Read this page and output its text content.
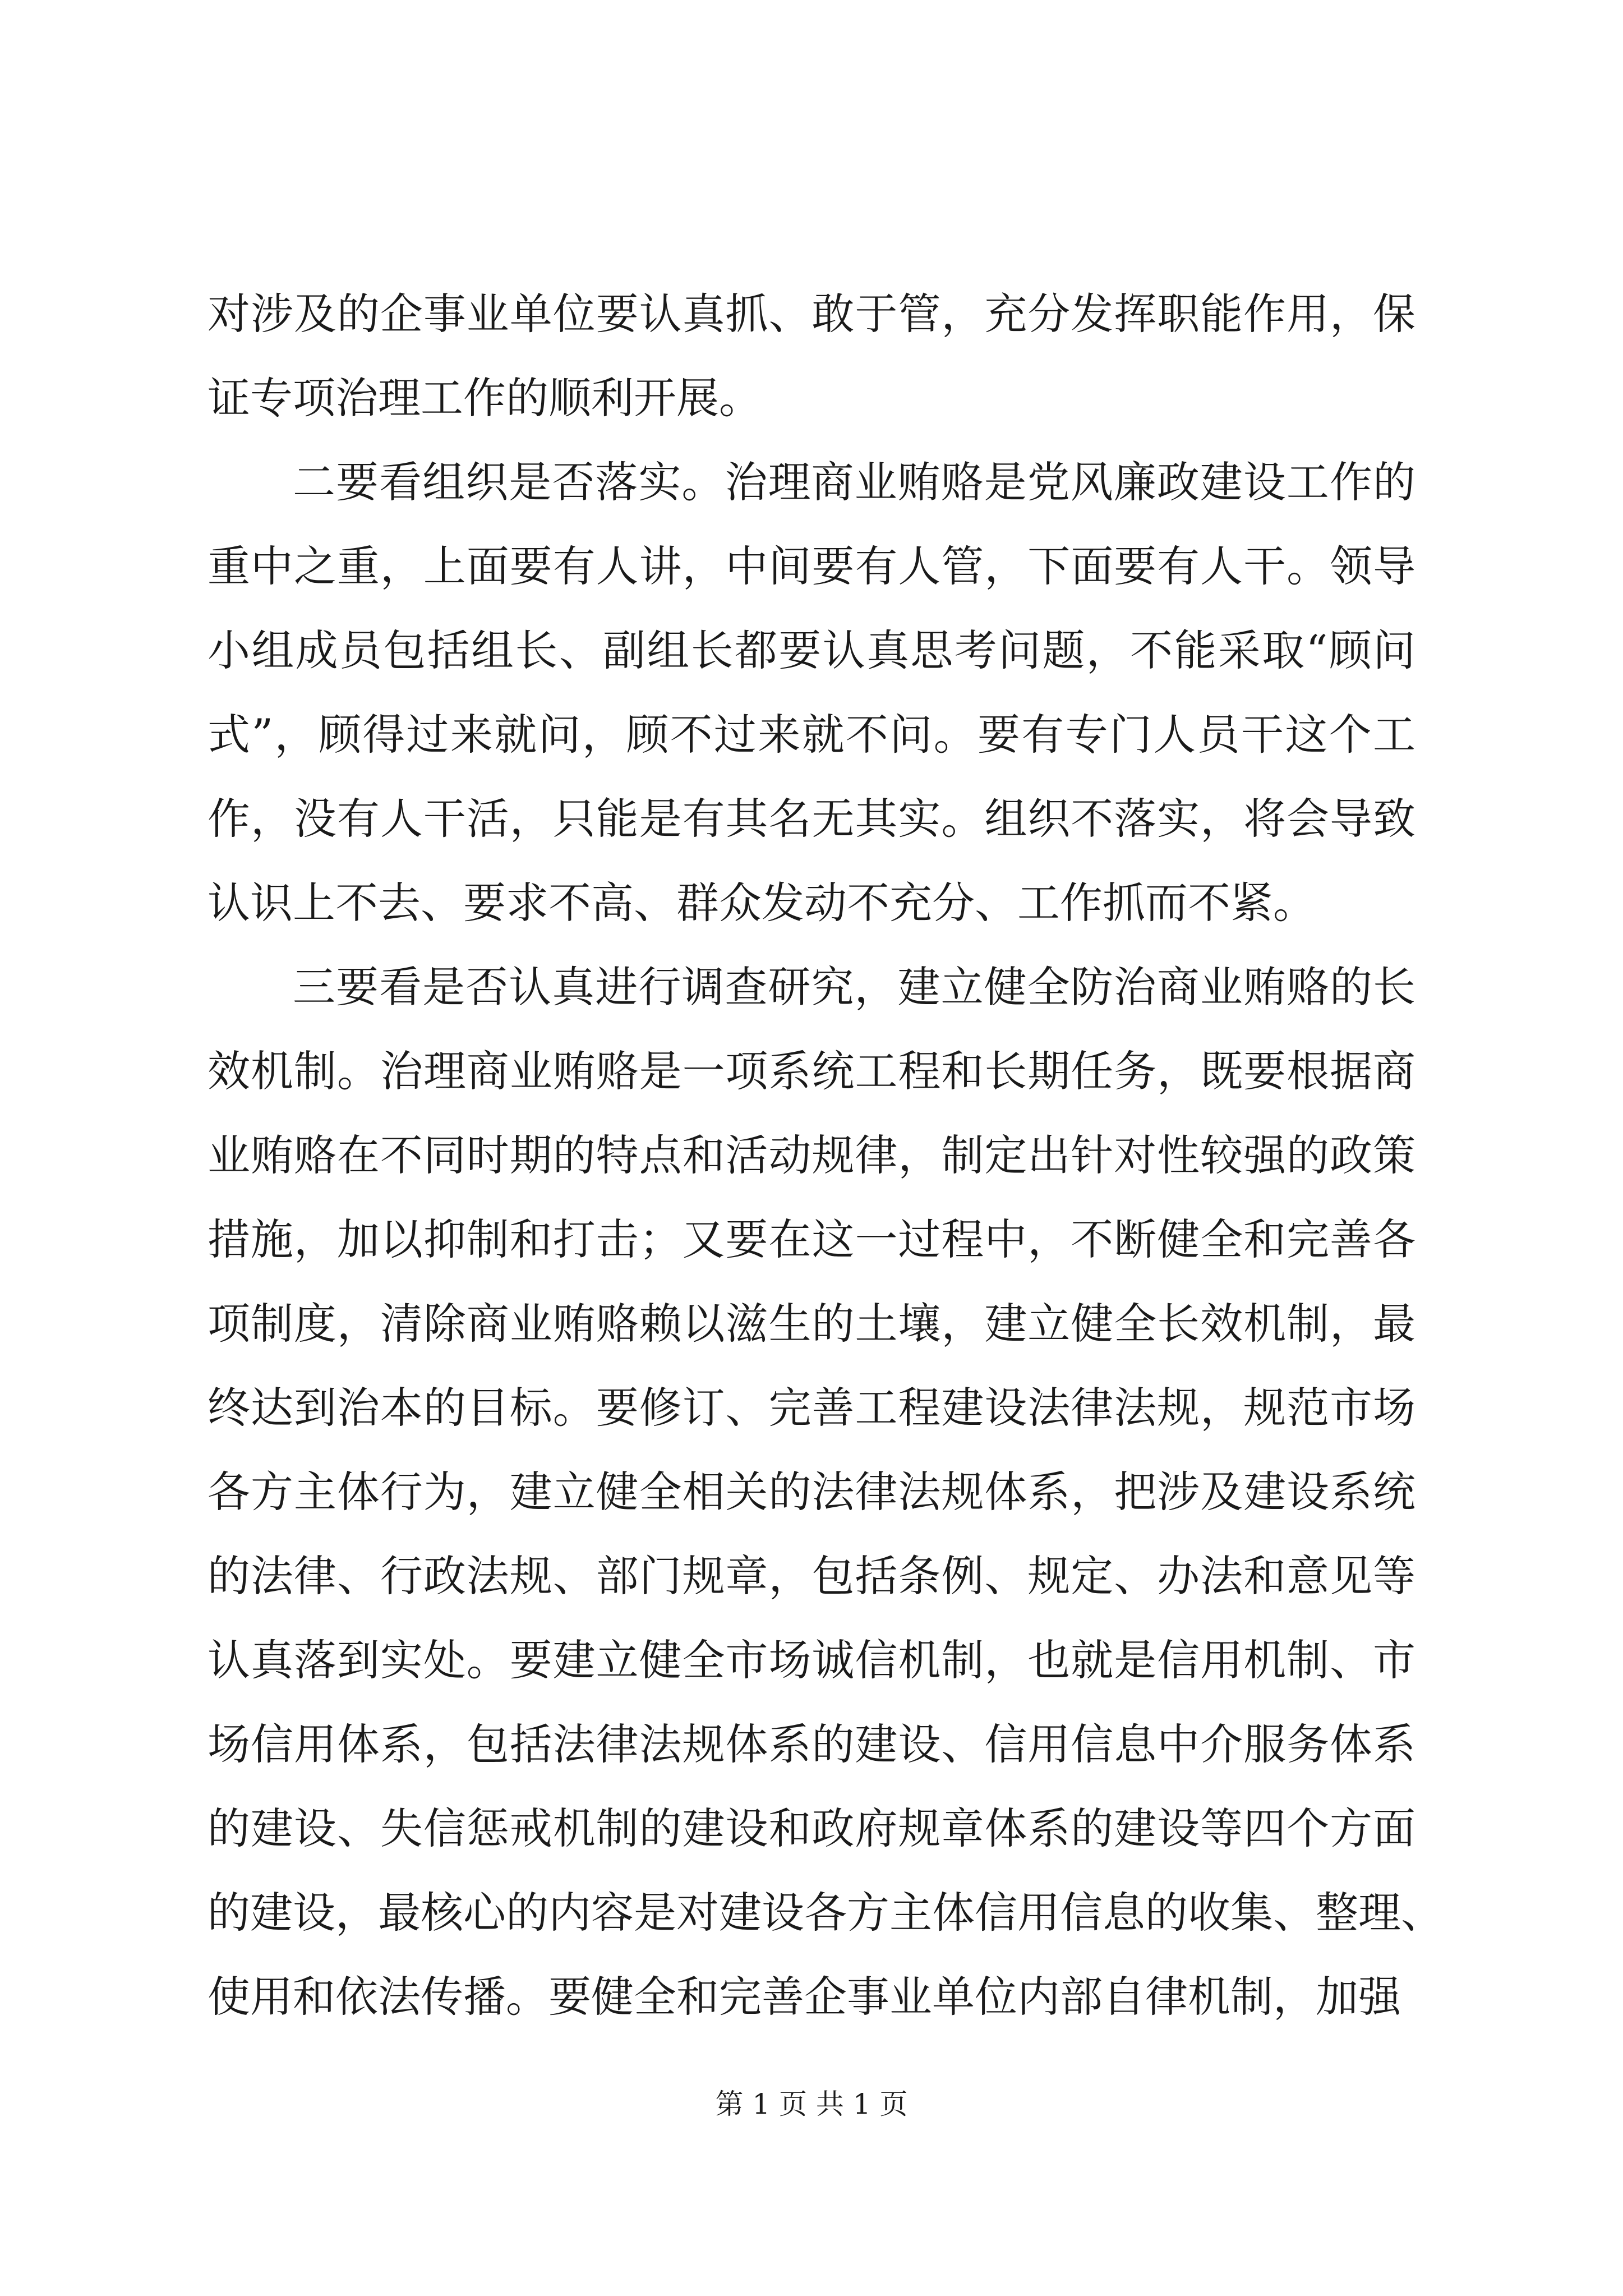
对涉及的企事业单位要认真抓、敢于管，充分发挥职能作用，保
证专项治理工作的顺利开展。
二要看组织是否落实。治理商业贿赂是党风廉政建设工作的
重中之重，上面要有人讲，中间要有人管，下面要有人干。领导
小组成员包括组长、副组长都要认真思考问题，不能采取“顾问
式”，顾得过来就问，顾不过来就不问。要有专门人员干这个工
作，没有人干活，只能是有其名无其实。组织不落实，将会导致
认识上不去、要求不高、群众发动不充分、工作抓而不紧。
三要看是否认真进行调查研究，建立健全防治商业贿赂的长
效机制。治理商业贿赂是一项系统工程和长期任务，既要根据商
业贿赂在不同时期的特点和活动规律，制定出针对性较强的政策
措施，加以抑制和打击；又要在这一过程中，不断健全和完善各
项制度，清除商业贿赂赖以滋生的土壤，建立健全长效机制，最
终达到治本的目标。要修订、完善工程建设法律法规，规范市场
各方主体行为，建立健全相关的法律法规体系，把涉及建设系统
的法律、行政法规、部门规章，包括条例、规定、办法和意见等
认真落到实处。要建立健全市场诚信机制，也就是信用机制、市
场信用体系，包括法律法规体系的建设、信用信息中介服务体系
的建设、失信惩戒机制的建设和政府规章体系的建设等四个方面
的建设，最核心的内容是对建设各方主体信用信息的收集、整理、
使用和依法传播。要健全和完善企事业单位内部自律机制，加强
第 1 页 共 1 页
